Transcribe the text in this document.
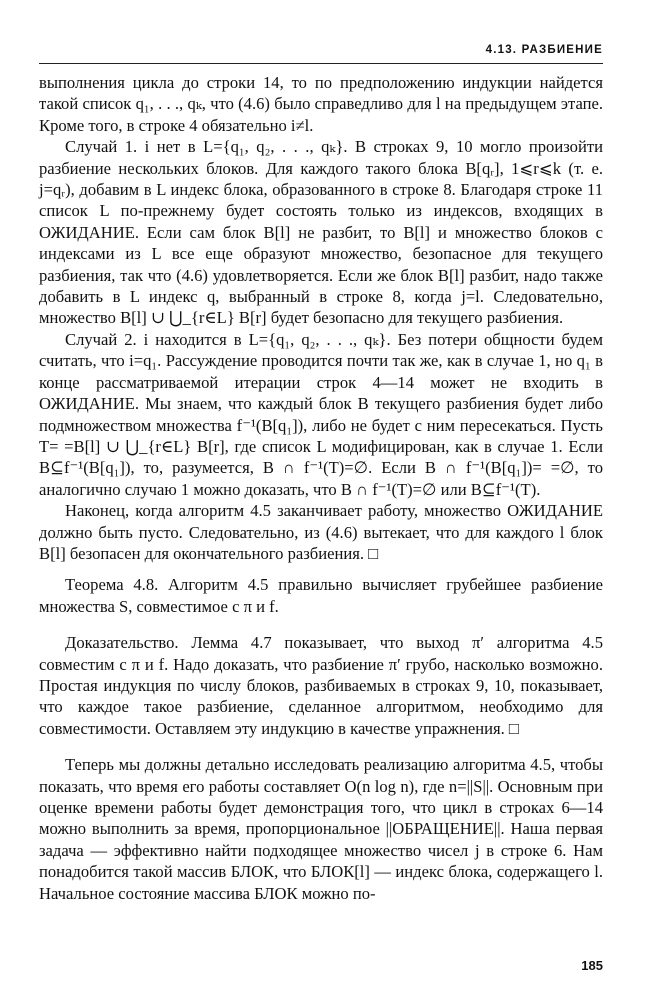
4.13. РАЗБИЕНИЕ

выполнения цикла до строки 14, то по предположению индукции найдется такой список q₁, . . ., qₖ, что (4.6) было справедливо для l на предыдущем этапе. Кроме того, в строке 4 обязательно i≠l.

Случай 1. i нет в L={q₁, q₂, . . ., qₖ}. В строках 9, 10 могло произойти разбиение нескольких блоков. Для каждого такого блока B[qᵣ], 1⩽r⩽k (т. е. j=qᵣ), добавим в L индекс блока, образованного в строке 8. Благодаря строке 11 список L по-прежнему будет состоять только из индексов, входящих в ОЖИДАНИЕ. Если сам блок B[l] не разбит, то B[l] и множество блоков с индексами из L все еще образуют множество, безопасное для текущего разбиения, так что (4.6) удовлетворяется. Если же блок B[l] разбит, надо также добавить в L индекс q, выбранный в строке 8, когда j=l. Следовательно, множество B[l] ∪ ⋃_{r∈L} B[r] будет безопасно для текущего разбиения.

Случай 2. i находится в L={q₁, q₂, . . ., qₖ}. Без потери общности будем считать, что i=q₁. Рассуждение проводится почти так же, как в случае 1, но q₁ в конце рассматриваемой итерации строк 4—14 может не входить в ОЖИДАНИЕ. Мы знаем, что каждый блок B текущего разбиения будет либо подмножеством множества f⁻¹(B[q₁]), либо не будет с ним пересекаться. Пусть T= =B[l] ∪ ⋃_{r∈L} B[r], где список L модифицирован, как в случае 1. Если B⊆f⁻¹(B[q₁]), то, разумеется, B ∩ f⁻¹(T)=∅. Если B ∩ f⁻¹(B[q₁])= =∅, то аналогично случаю 1 можно доказать, что B ∩ f⁻¹(T)=∅ или B⊆f⁻¹(T).

Наконец, когда алгоритм 4.5 заканчивает работу, множество ОЖИДАНИЕ должно быть пусто. Следовательно, из (4.6) вытекает, что для каждого l блок B[l] безопасен для окончательного разбиения. □

Теорема 4.8. Алгоритм 4.5 правильно вычисляет грубейшее разбиение множества S, совместимое с π и f.

Доказательство. Лемма 4.7 показывает, что выход π′ алгоритма 4.5 совместим с π и f. Надо доказать, что разбиение π′ грубо, насколько возможно. Простая индукция по числу блоков, разбиваемых в строках 9, 10, показывает, что каждое такое разбиение, сделанное алгоритмом, необходимо для совместимости. Оставляем эту индукцию в качестве упражнения. □

Теперь мы должны детально исследовать реализацию алгоритма 4.5, чтобы показать, что время его работы составляет O(n log n), где n=||S||. Основным при оценке времени работы будет демонстрация того, что цикл в строках 6—14 можно выполнить за время, пропорциональное ||ОБРАЩЕНИЕ||. Наша первая задача — эффективно найти подходящее множество чисел j в строке 6. Нам понадобится такой массив БЛОК, что БЛОК[l] — индекс блока, содержащего l. Начальное состояние массива БЛОК можно по-

185
